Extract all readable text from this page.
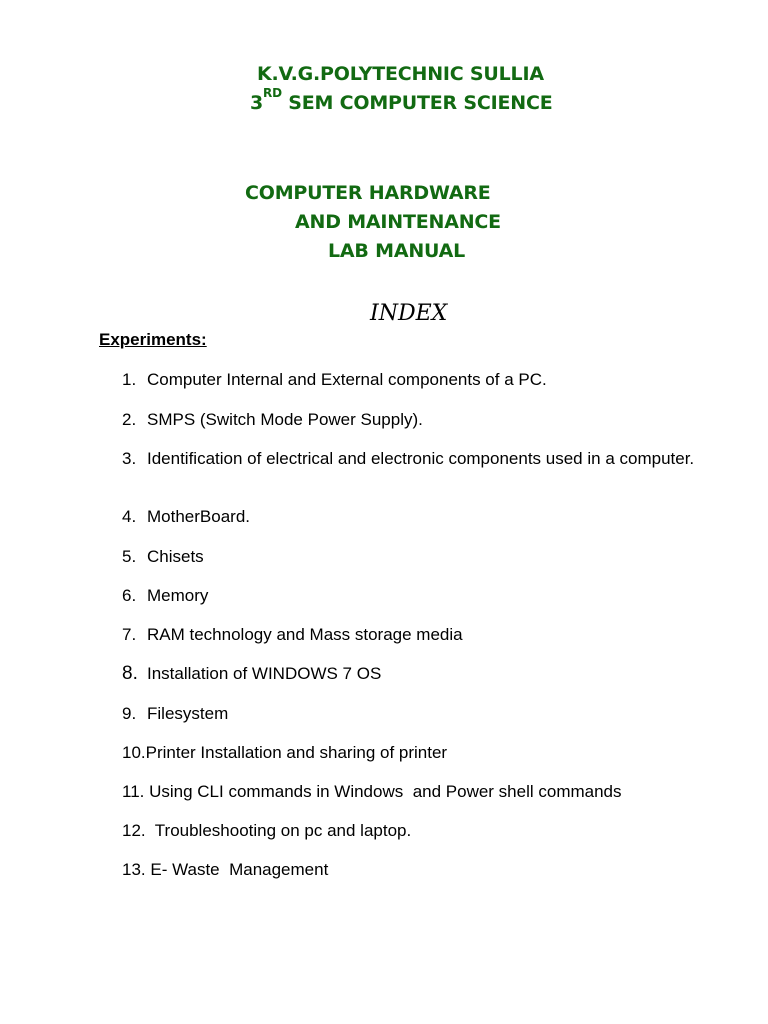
K.V.G.POLYTECHNIC SULLIA
3RD SEM COMPUTER SCIENCE
COMPUTER HARDWARE
AND MAINTENANCE
LAB MANUAL
INDEX
Experiments:
1. Computer Internal and External components of a PC.
2. SMPS (Switch Mode Power Supply).
3. Identification of electrical and electronic components used in a computer.
4. MotherBoard.
5. Chisets
6. Memory
7. RAM technology and Mass storage media
8. Installation of WINDOWS 7 OS
9. Filesystem
10.Printer Installation and sharing of printer
11. Using CLI commands in Windows  and Power shell commands
12.  Troubleshooting on pc and laptop.
13. E- Waste  Management
